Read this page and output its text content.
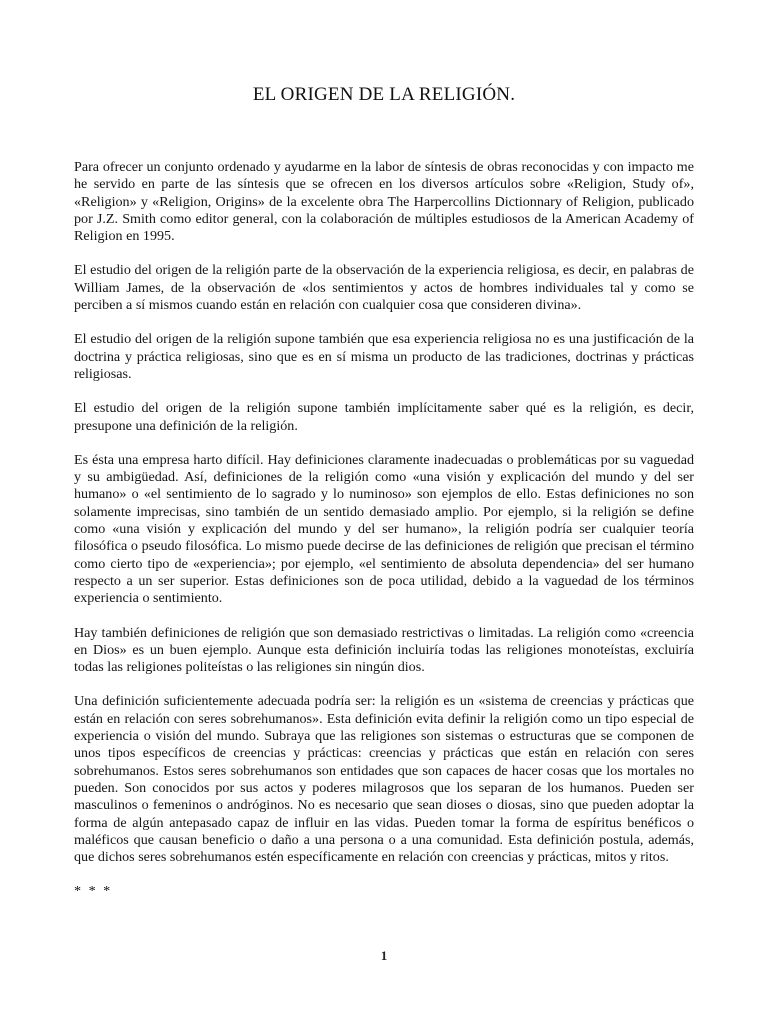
EL ORIGEN DE LA RELIGIÓN.

Para ofrecer un conjunto ordenado y ayudarme en la labor de síntesis de obras reconocidas y con impacto me he servido en parte de las síntesis que se ofrecen en los diversos artículos sobre «Religion, Study of», «Religion» y «Religion, Origins» de la excelente obra The Harpercollins Dictionnary of Religion, publicado por J.Z. Smith como editor general, con la colaboración de múltiples estudiosos de la American Academy of Religion en 1995.

El estudio del origen de la religión parte de la observación de la experiencia religiosa, es decir, en palabras de William James, de la observación de «los sentimientos y actos de hombres individuales tal y como se perciben a sí mismos cuando están en relación con cualquier cosa que consideren divina».

El estudio del origen de la religión supone también que esa experiencia religiosa no es una justificación de la doctrina y práctica religiosas, sino que es en sí misma un producto de las tradiciones, doctrinas y prácticas religiosas.

El estudio del origen de la religión supone también implícitamente saber qué es la religión, es decir, presupone una definición de la religión.

Es ésta una empresa harto difícil. Hay definiciones claramente inadecuadas o problemáticas por su vaguedad y su ambigüedad. Así, definiciones de la religión como «una visión y explicación del mundo y del ser humano» o «el sentimiento de lo sagrado y lo numinoso» son ejemplos de ello. Estas definiciones no son solamente imprecisas, sino también de un sentido demasiado amplio. Por ejemplo, si la religión se define como «una visión y explicación del mundo y del ser humano», la religión podría ser cualquier teoría filosófica o pseudo filosófica. Lo mismo puede decirse de las definiciones de religión que precisan el término como cierto tipo de «experiencia»; por ejemplo, «el sentimiento de absoluta dependencia» del ser humano respecto a un ser superior. Estas definiciones son de poca utilidad, debido a la vaguedad de los términos experiencia o sentimiento.

Hay también definiciones de religión que son demasiado restrictivas o limitadas. La religión como «creencia en Dios» es un buen ejemplo. Aunque esta definición incluiría todas las religiones monoteístas, excluiría todas las religiones politeístas o las religiones sin ningún dios.

Una definición suficientemente adecuada podría ser: la religión es un «sistema de creencias y prácticas que están en relación con seres sobrehumanos». Esta definición evita definir la religión como un tipo especial de experiencia o visión del mundo. Subraya que las religiones son sistemas o estructuras que se componen de unos tipos específicos de creencias y prácticas: creencias y prácticas que están en relación con seres sobrehumanos. Estos seres sobrehumanos son entidades que son capaces de hacer cosas que los mortales no pueden. Son conocidos por sus actos y poderes milagrosos que los separan de los humanos. Pueden ser masculinos o femeninos o andróginos. No es necesario que sean dioses o diosas, sino que pueden adoptar la forma de algún antepasado capaz de influir en las vidas. Pueden tomar la forma de espíritus benéficos o maléficos que causan beneficio o daño a una persona o a una comunidad. Esta definición postula, además, que dichos seres sobrehumanos estén específicamente en relación con creencias y prácticas, mitos y ritos.

* * *

1
